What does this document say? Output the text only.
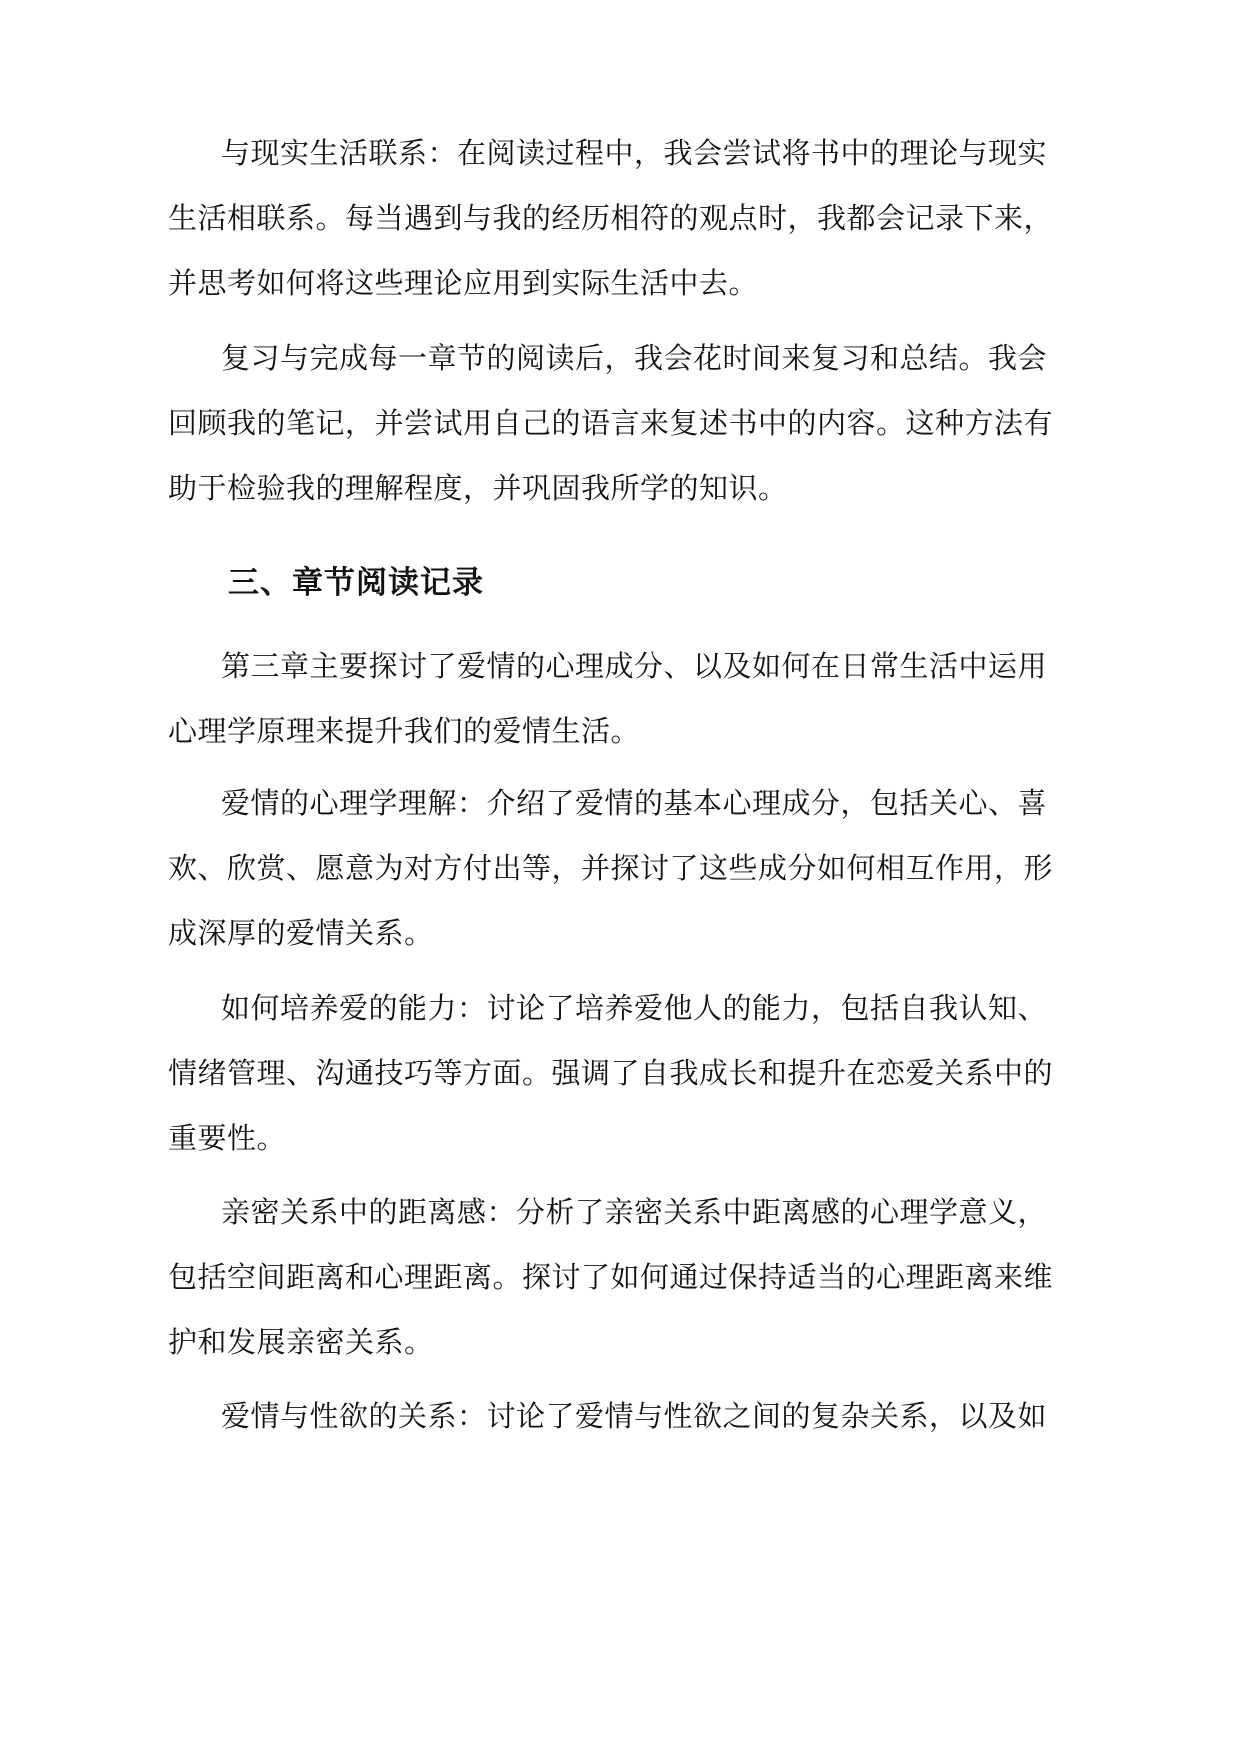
与现实生活联系：在阅读过程中，我会尝试将书中的理论与现实
生活相联系。每当遇到与我的经历相符的观点时，我都会记录下来，
并思考如何将这些理论应用到实际生活中去。
复习与完成每一章节的阅读后，我会花时间来复习和总结。我会
回顾我的笔记，并尝试用自己的语言来复述书中的内容。这种方法有
助于检验我的理解程度，并巩固我所学的知识。
三、章节阅读记录
第三章主要探讨了爱情的心理成分、以及如何在日常生活中运用
心理学原理来提升我们的爱情生活。
爱情的心理学理解：介绍了爱情的基本心理成分，包括关心、喜
欢、欣赏、愿意为对方付出等，并探讨了这些成分如何相互作用，形
成深厚的爱情关系。
如何培养爱的能力：讨论了培养爱他人的能力，包括自我认知、
情绪管理、沟通技巧等方面。强调了自我成长和提升在恋爱关系中的
重要性。
亲密关系中的距离感：分析了亲密关系中距离感的心理学意义，
包括空间距离和心理距离。探讨了如何通过保持适当的心理距离来维
护和发展亲密关系。
爱情与性欲的关系：讨论了爱情与性欲之间的复杂关系，以及如
